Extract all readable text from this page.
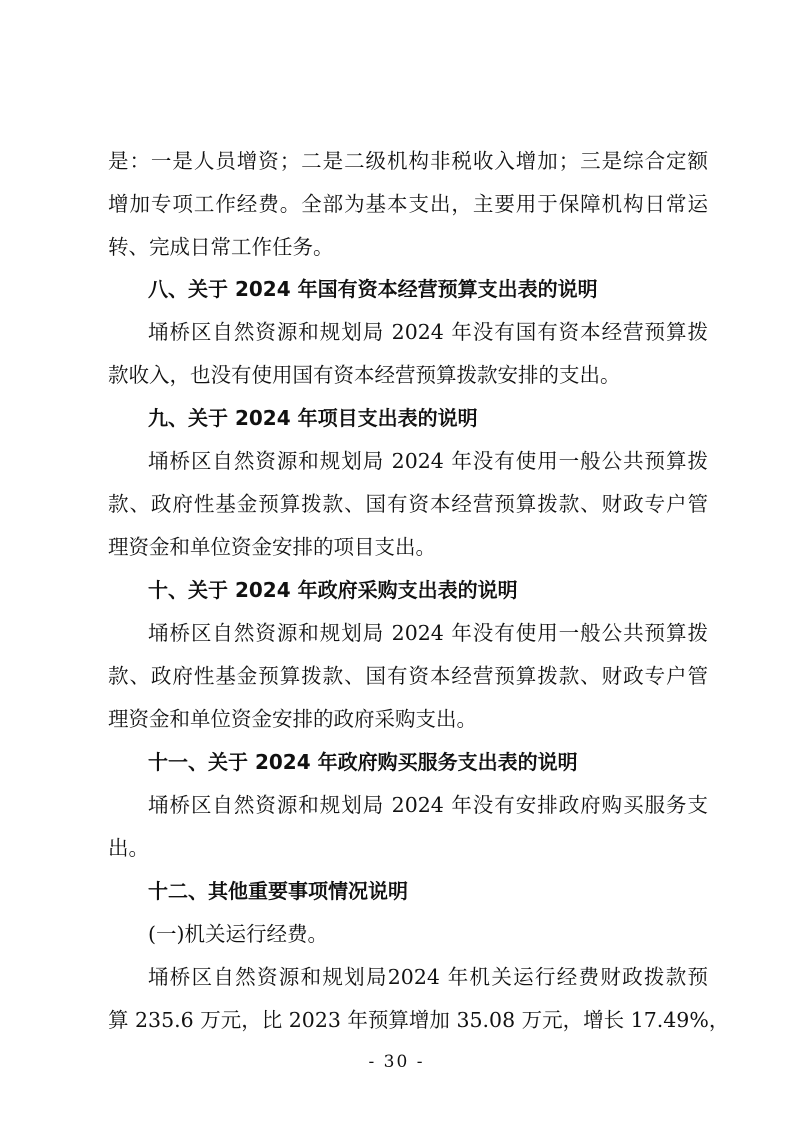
是：一是人员增资；二是二级机构非税收入增加；三是综合定额
增加专项工作经费。全部为基本支出，主要用于保障机构日常运
转、完成日常工作任务。
八、关于 2024 年国有资本经营预算支出表的说明
埇桥区自然资源和规划局 2024 年没有国有资本经营预算拨
款收入，也没有使用国有资本经营预算拨款安排的支出。
九、关于 2024 年项目支出表的说明
埇桥区自然资源和规划局 2024 年没有使用一般公共预算拨
款、政府性基金预算拨款、国有资本经营预算拨款、财政专户管
理资金和单位资金安排的项目支出。
十、关于 2024 年政府采购支出表的说明
埇桥区自然资源和规划局 2024 年没有使用一般公共预算拨
款、政府性基金预算拨款、国有资本经营预算拨款、财政专户管
理资金和单位资金安排的政府采购支出。
十一、关于 2024 年政府购买服务支出表的说明
埇桥区自然资源和规划局 2024 年没有安排政府购买服务支
出。
十二、其他重要事项情况说明
(一)机关运行经费。
埇桥区自然资源和规划局2024 年机关运行经费财政拨款预
算 235.6 万元，比 2023 年预算增加 35.08 万元，增长 17.49%，
- 30 -
